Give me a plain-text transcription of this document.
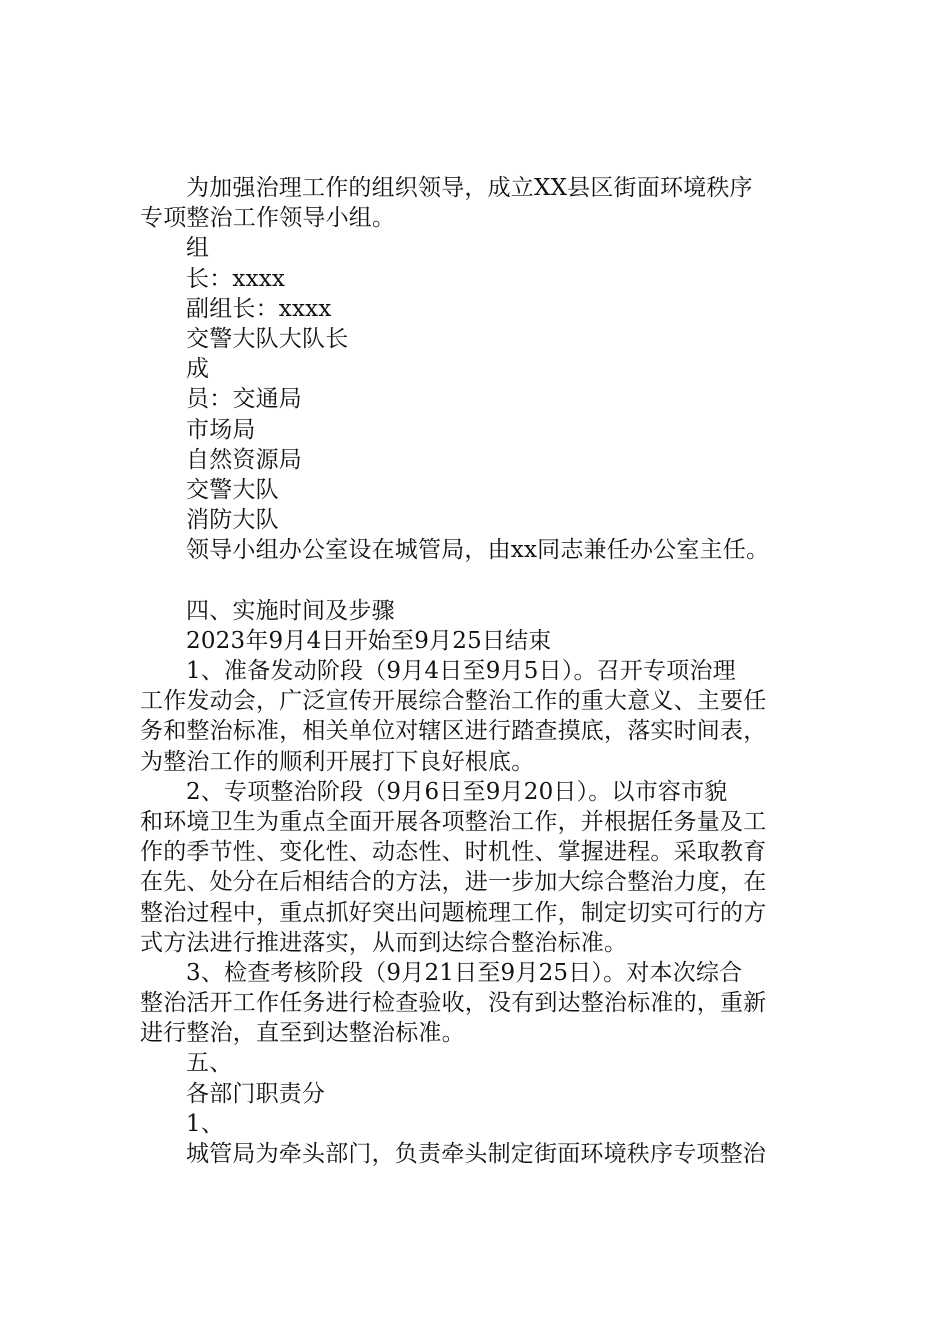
为加强治理工作的组织领导，成立XX县区街面环境秩序
专项整治工作领导小组。
组
长：xxxx
副组长：xxxx
交警大队大队长
成
员：交通局
市场局
自然资源局
交警大队
消防大队
领导小组办公室设在城管局，由xx同志兼任办公室主任。
四、实施时间及步骤
2023年9月4日开始至9月25日结束
1、准备发动阶段（9月4日至9月5日）。召开专项治理
工作发动会，广泛宣传开展综合整治工作的重大意义、主要任
务和整治标准，相关单位对辖区进行踏查摸底，落实时间表，
为整治工作的顺利开展打下良好根底。
2、专项整治阶段（9月6日至9月20日）。以市容市貌
和环境卫生为重点全面开展各项整治工作，并根据任务量及工
作的季节性、变化性、动态性、时机性、掌握进程。采取教育
在先、处分在后相结合的方法，进一步加大综合整治力度，在
整治过程中，重点抓好突出问题梳理工作，制定切实可行的方
式方法进行推进落实，从而到达综合整治标准。
3、检查考核阶段（9月21日至9月25日）。对本次综合
整治活开工作任务进行检查验收，没有到达整治标准的，重新
进行整治，直至到达整治标准。
五、
各部门职责分
1、
城管局为牵头部门，负责牵头制定街面环境秩序专项整治
